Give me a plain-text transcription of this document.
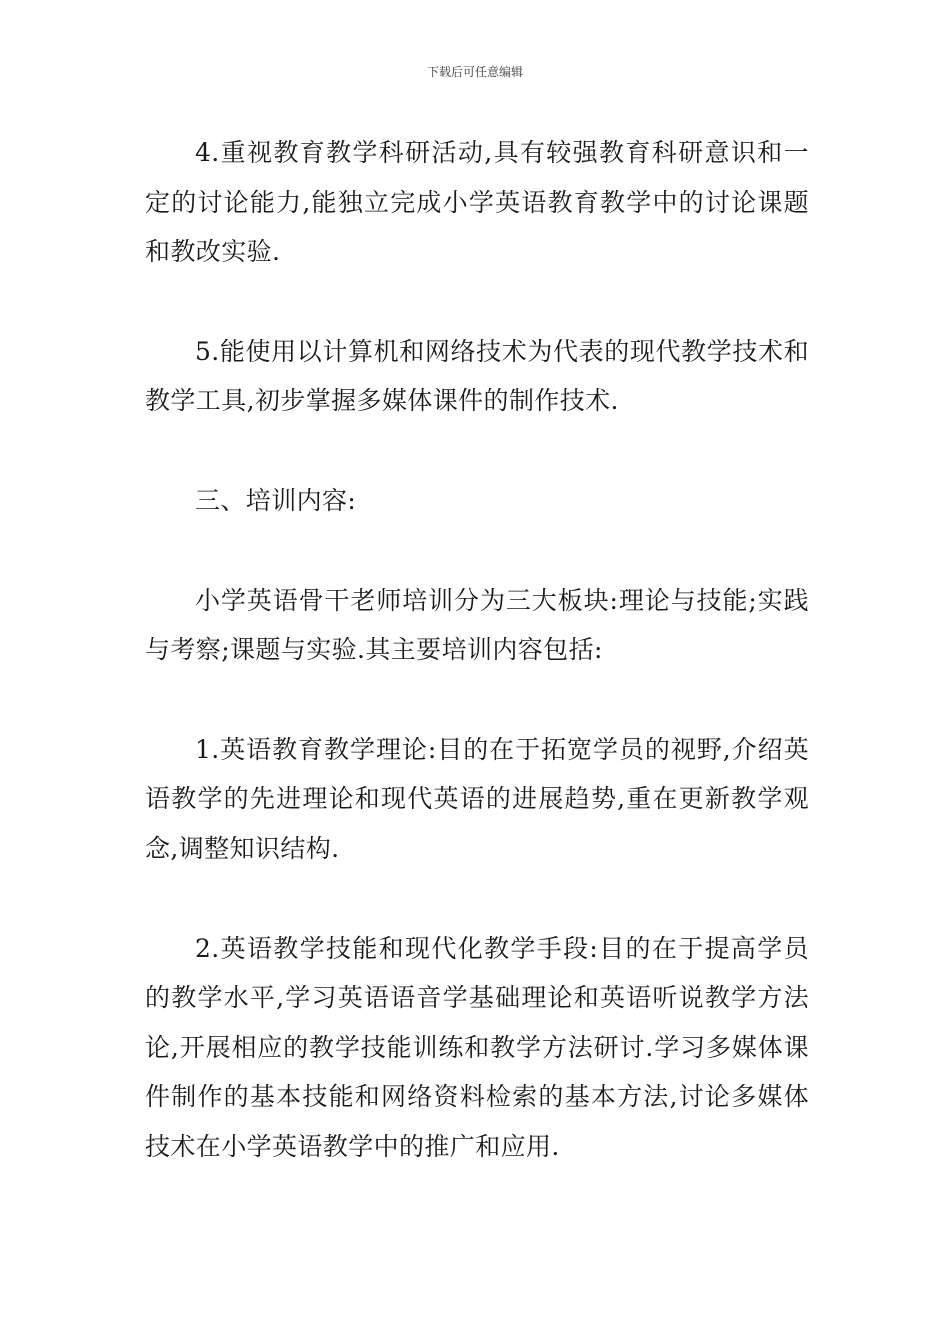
下载后可任意编辑

4.重视教育教学科研活动,具有较强教育科研意识和一定的讨论能力,能独立完成小学英语教育教学中的讨论课题和教改实验.

5.能使用以计算机和网络技术为代表的现代教学技术和教学工具,初步掌握多媒体课件的制作技术.

三、培训内容:

小学英语骨干老师培训分为三大板块:理论与技能;实践与考察;课题与实验.其主要培训内容包括:

1.英语教育教学理论:目的在于拓宽学员的视野,介绍英语教学的先进理论和现代英语的进展趋势,重在更新教学观念,调整知识结构.

2.英语教学技能和现代化教学手段:目的在于提高学员的教学水平,学习英语语音学基础理论和英语听说教学方法论,开展相应的教学技能训练和教学方法研讨.学习多媒体课件制作的基本技能和网络资料检索的基本方法,讨论多媒体技术在小学英语教学中的推广和应用.
